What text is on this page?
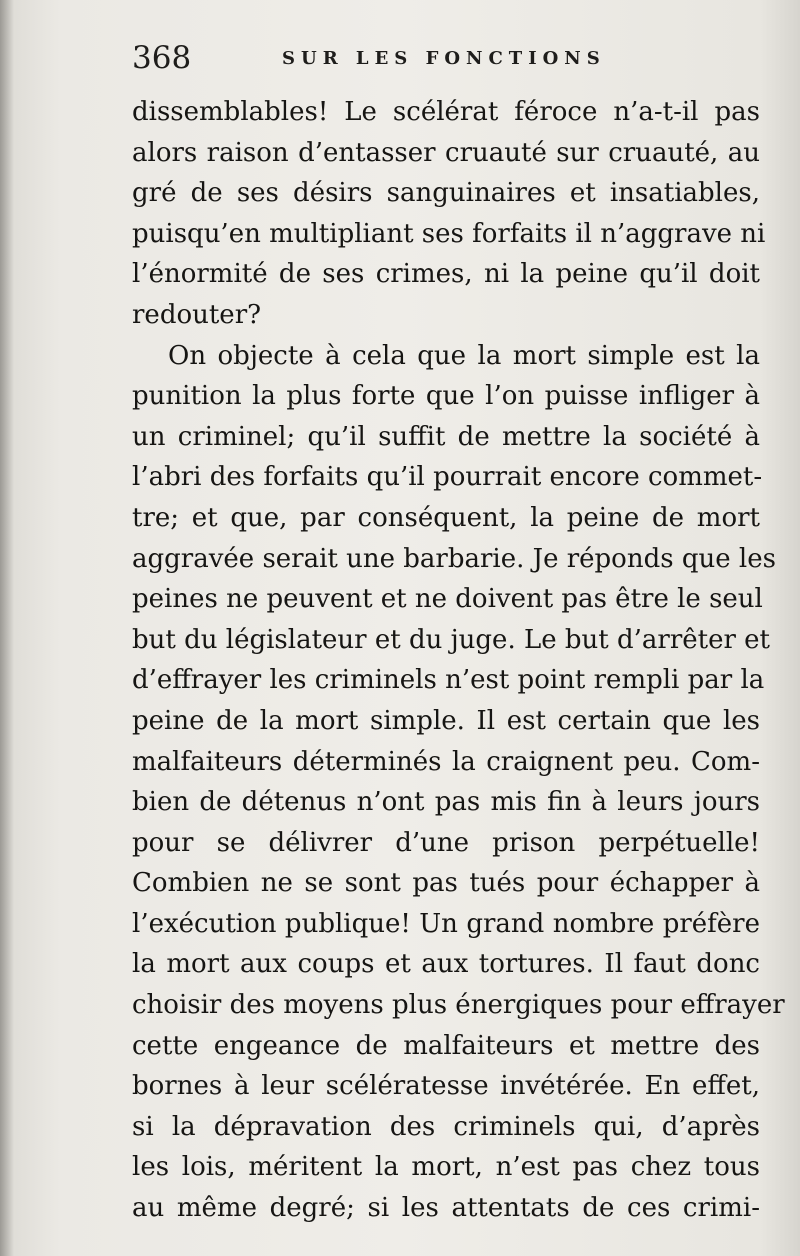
368	SUR LES FONCTIONS
dissemblables! Le scélérat féroce n’a-t-il pas
alors raison d’entasser cruauté sur cruauté, au
gré de ses désirs sanguinaires et insatiables,
puisqu’en multipliant ses forfaits il n’aggrave ni
l’énormité de ses crimes, ni la peine qu’il doit
redouter?
On objecte à cela que la mort simple est la
punition la plus forte que l’on puisse infliger à
un criminel; qu’il suffit de mettre la société à
l’abri des forfaits qu’il pourrait encore commet-
tre; et que, par conséquent, la peine de mort
aggravée serait une barbarie. Je réponds que les
peines ne peuvent et ne doivent pas être le seul
but du législateur et du juge. Le but d’arrêter et
d’effrayer les criminels n’est point rempli par la
peine de la mort simple. Il est certain que les
malfaiteurs déterminés la craignent peu. Com-
bien de détenus n’ont pas mis fin à leurs jours
pour se délivrer d’une prison perpétuelle!
Combien ne se sont pas tués pour échapper à
l’exécution publique! Un grand nombre préfère
la mort aux coups et aux tortures. Il faut donc
choisir des moyens plus énergiques pour effrayer
cette engeance de malfaiteurs et mettre des
bornes à leur scélératesse invétérée. En effet,
si la dépravation des criminels qui, d’après
les lois, méritent la mort, n’est pas chez tous
au même degré; si les attentats de ces crimi-
